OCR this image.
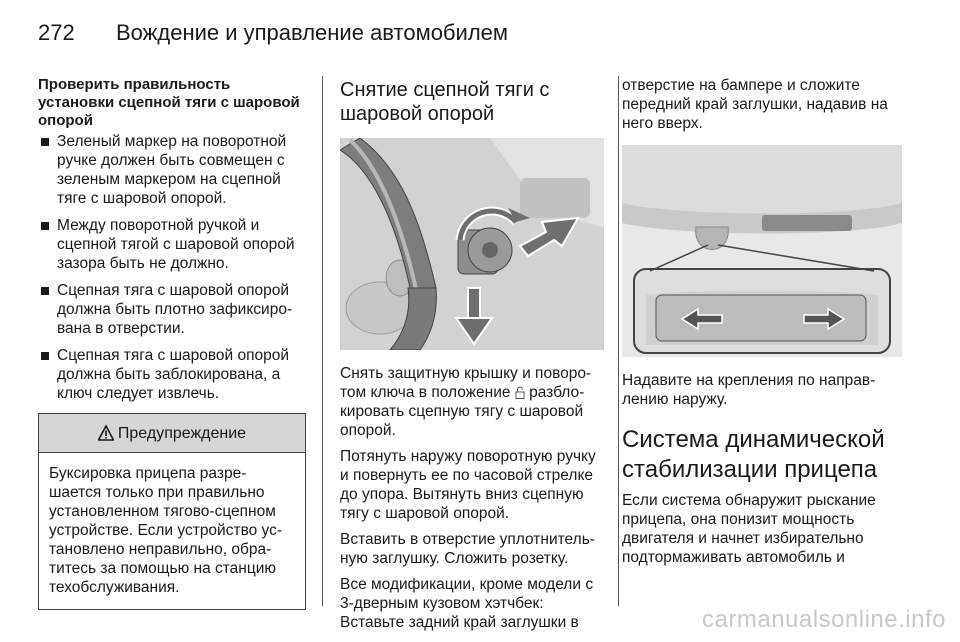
272 Вождение и управление автомобилем
Проверить правильность установки сцепной тяги с шаровой опорой
Зеленый маркер на поворотной ручке должен быть совмещен с зеленым маркером на сцепной тяге с шаровой опорой.
Между поворотной ручкой и сцепной тягой с шаровой опорой зазора быть не должно.
Сцепная тяга с шаровой опорой должна быть плотно зафиксиро-вана в отверстии.
Сцепная тяга с шаровой опорой должна быть заблокирована, а ключ следует извлечь.
Предупреждение
Буксировка прицепа разре-шается только при правильно установленном тягово-сцепном устройстве. Если устройство ус-тановлено неправильно, обра-титесь за помощью на станцию техобслуживания.
Снятие сцепной тяги с шаровой опорой

Снять защитную крышку и поворо-том ключа в положение  разбло-кировать сцепную тягу с шаровой опорой.

Потянуть наружу поворотную ручку и повернуть ее по часовой стрелке до упора. Вытянуть вниз сцепную тягу с шаровой опорой.

Вставить в отверстие уплотнитель-ную заглушку. Сложить розетку.

Все модификации, кроме модели с 3-дверным кузовом хэтчбек: Вставьте задний край заглушки в

отверстие на бампере и сложите передний край заглушки, надавив на него вверх.

Надавите на крепления по направ-лению наружу.

Система динамической стабилизации прицепа

Если система обнаружит рыскание прицепа, она понизит мощность двигателя и начнет избирательно подтормаживать автомобиль и

carmanualsonline.info
